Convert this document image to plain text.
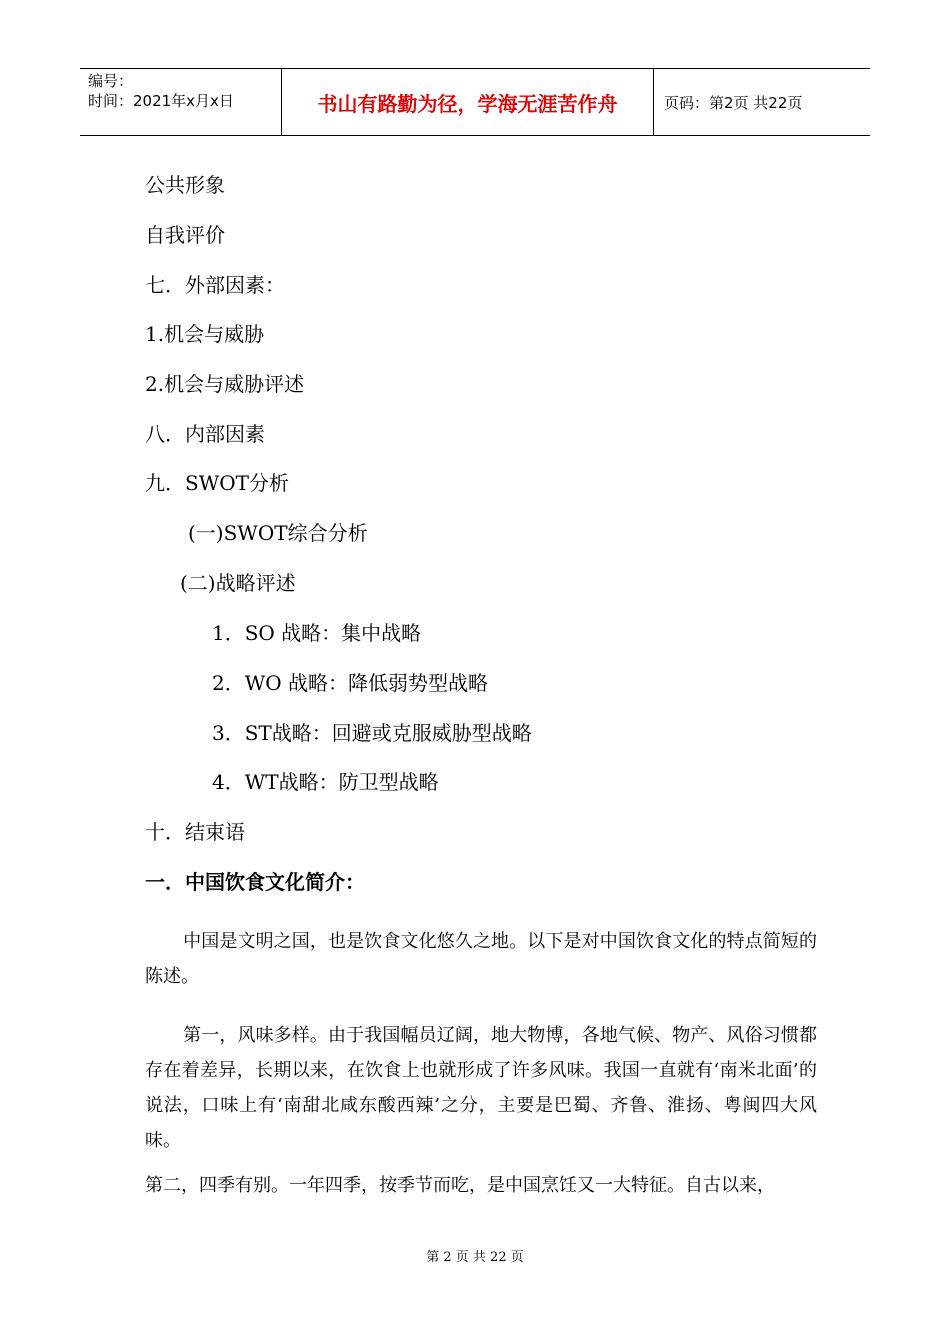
编号：
时间：2021年x月x日	书山有路勤为径，学海无涯苦作舟	页码：第2页 共22页
公共形象
自我评价
七．外部因素：
1.机会与威胁
2.机会与威胁评述
八．内部因素
九．SWOT分析
(一)SWOT综合分析
(二)战略评述
1．SO 战略：集中战略
2．WO 战略：降低弱势型战略
3．ST战略：回避或克服威胁型战略
4．WT战略：防卫型战略
十．结束语
一．中国饮食文化简介：
中国是文明之国，也是饮食文化悠久之地。以下是对中国饮食文化的特点简短的陈述。
第一，风味多样。由于我国幅员辽阔，地大物博，各地气候、物产、风俗习惯都存在着差异，长期以来，在饮食上也就形成了许多风味。我国一直就有‘南米北面’的说法，口味上有‘南甜北咸东酸西辣’之分，主要是巴蜀、齐鲁、淮扬、粤闽四大风味。
第二，四季有别。一年四季，按季节而吃，是中国烹饪又一大特征。自古以来，
第 2 页 共 22 页
